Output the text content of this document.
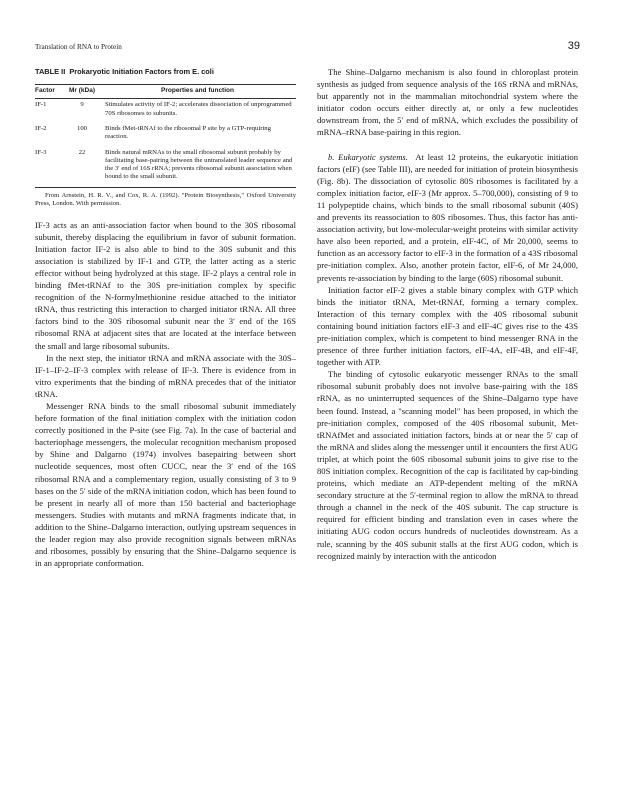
Translation of RNA to Protein	39
TABLE II Prokaryotic Initiation Factors from E. coli
Factor	Mr (kDa)	Properties and function
IF-1	9	Stimulates activity of IF-2; accelerates dissociation of unprogrammed 70S ribosomes to subunits.
IF-2	100	Binds fMet-tRNAf to the ribosomal P site by a GTP-requiring reaction.
IF-3	22	Binds natural mRNAs to the small ribosomal subunit probably by facilitating base-pairing between the untranslated leader sequence and the 3′ end of 16S rRNA; prevents ribosomal subunit association when bound to the small subunit.
From Arnstein, H. R. V., and Cox, R. A. (1992). "Protein Biosynthesis," Oxford University Press, London. With permission.

IF-3 acts as an anti-association factor when bound to the 30S ribosomal subunit, thereby displacing the equilibrium in favor of subunit formation. Initiation factor IF-2 is also able to bind to the 30S subunit and this association is stabilized by IF-1 and GTP, the latter acting as a steric effector without being hydrolyzed at this stage. IF-2 plays a central role in binding fMet-tRNAf to the 30S pre-initiation complex by specific recognition of the N-formylmethionine residue attached to the initiator tRNA, thus restricting this interaction to charged initiator tRNA. All three factors bind to the 30S ribosomal subunit near the 3′ end of the 16S ribosomal RNA at adjacent sites that are located at the interface between the small and large ribosomal subunits.

In the next step, the initiator tRNA and mRNA associate with the 30S–IF-1–IF-2–IF-3 complex with release of IF-3. There is evidence from in vitro experiments that the binding of mRNA precedes that of the initiator tRNA.

Messenger RNA binds to the small ribosomal subunit immediately before formation of the final initiation complex with the initiation codon correctly positioned in the P-site (see Fig. 7a). In the case of bacterial and bacteriophage messengers, the molecular recognition mechanism proposed by Shine and Dalgarno (1974) involves basepairing between short nucleotide sequences, most often CUCC, near the 3′ end of the 16S ribosomal RNA and a complementary region, usually consisting of 3 to 9 bases on the 5′ side of the mRNA initiation codon, which has been found to be present in nearly all of more than 150 bacterial and bacteriophage messengers. Studies with mutants and mRNA fragments indicate that, in addition to the Shine–Dalgarno interaction, outlying upstream sequences in the leader region may also provide recognition signals between mRNAs and ribosomes, possibly by ensuring that the Shine–Dalgarno sequence is in an appropriate conformation.

The Shine–Dalgarno mechanism is also found in chloroplast protein synthesis as judged from sequence analysis of the 16S rRNA and mRNAs, but apparently not in the mammalian mitochondrial system where the initiator codon occurs either directly at, or only a few nucleotides downstream from, the 5′ end of mRNA, which excludes the possibility of mRNA–rRNA base-pairing in this region.

b. Eukaryotic systems. At least 12 proteins, the eukaryotic initiation factors (eIF) (see Table III), are needed for initiation of protein biosynthesis (Fig. 8b). The dissociation of cytosolic 80S ribosomes is facilitated by a complex initiation factor, eIF-3 (Mr approx. 5–700,000), consisting of 9 to 11 polypeptide chains, which binds to the small ribosomal subunit (40S) and prevents its reassociation to 80S ribosomes. Thus, this factor has anti-association activity, but low-molecular-weight proteins with similar activity have also been reported, and a protein, eIF-4C, of Mr 20,000, seems to function as an accessory factor to eIF-3 in the formation of a 43S ribosomal pre-initiation complex. Also, another protein factor, eIF-6, of Mr 24,000, prevents re-association by binding to the large (60S) ribosomal subunit.

Initiation factor eIF-2 gives a stable binary complex with GTP which binds the initiator tRNA, Met-tRNAf, forming a ternary complex. Interaction of this ternary complex with the 40S ribosomal subunit containing bound initiation factors eIF-3 and eIF-4C gives rise to the 43S pre-initiation complex, which is competent to bind messenger RNA in the presence of three further initiation factors, eIF-4A, eIF-4B, and eIF-4F, together with ATP.

The binding of cytosolic eukaryotic messenger RNAs to the small ribosomal subunit probably does not involve base-pairing with the 18S rRNA, as no uninterrupted sequences of the Shine–Dalgarno type have been found. Instead, a "scanning model" has been proposed, in which the pre-initiation complex, composed of the 40S ribosomal subunit, Met-tRNAfMet and associated initiation factors, binds at or near the 5′ cap of the mRNA and slides along the messenger until it encounters the first AUG triplet, at which point the 60S ribosomal subunit joins to give rise to the 80S initiation complex. Recognition of the cap is facilitated by cap-binding proteins, which mediate an ATP-dependent melting of the mRNA secondary structure at the 5′-terminal region to allow the mRNA to thread through a channel in the neck of the 40S subunit. The cap structure is required for efficient binding and translation even in cases where the initiating AUG codon occurs hundreds of nucleotides downstream. As a rule, scanning by the 40S subunit stalls at the first AUG codon, which is recognized mainly by interaction with the anticodon
